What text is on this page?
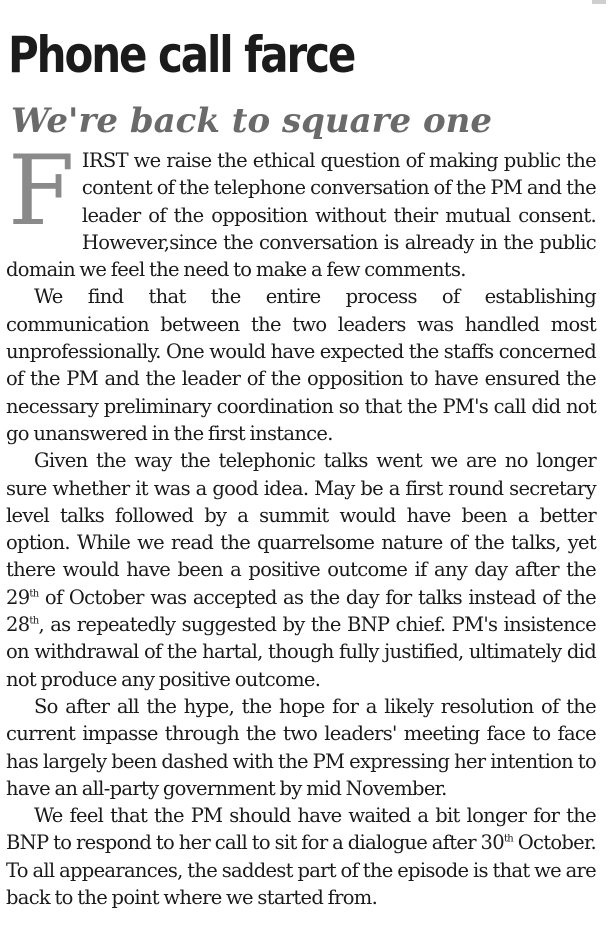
Phone call farce
We're back to square one

FIRST we raise the ethical question of making public the content of the telephone conversation of the PM and the leader of the opposition without their mutual consent. However,since the conversation is already in the public domain we feel the need to make a few comments.

We find that the entire process of establishing communication between the two leaders was handled most unprofessionally. One would have expected the staffs concerned of the PM and the leader of the opposition to have ensured the necessary preliminary coordination so that the PM's call did not go unanswered in the first instance.

Given the way the telephonic talks went we are no longer sure whether it was a good idea. May be a first round secretary level talks followed by a summit would have been a better option. While we read the quarrelsome nature of the talks, yet there would have been a positive outcome if any day after the 29th of October was accepted as the day for talks instead of the 28th, as repeatedly suggested by the BNP chief. PM's insistence on withdrawal of the hartal, though fully justified, ultimately did not produce any positive outcome.

So after all the hype, the hope for a likely resolution of the current impasse through the two leaders' meeting face to face has largely been dashed with the PM expressing her intention to have an all-party government by mid November.

We feel that the PM should have waited a bit longer for the BNP to respond to her call to sit for a dialogue after 30th October.   To all appearances, the saddest part of the episode is that we are back to the point where we started from.
